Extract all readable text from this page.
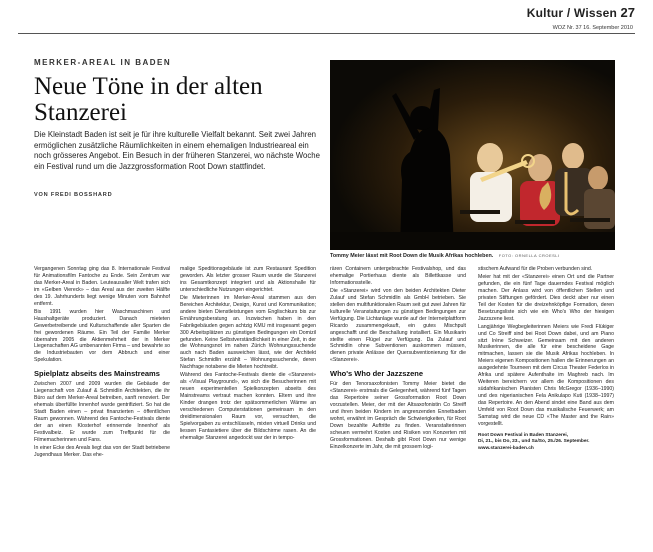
Kultur / Wissen 27
WOZ Nr. 37 16. September 2010
MERKER-AREAL IN BADEN
Neue Töne in der alten Stanzerei

Die Kleinstadt Baden ist seit je für ihre kulturelle Vielfalt bekannt. Seit zwei Jahren ermöglichen zusätzliche Räumlichkeiten in einem ehemaligen Industrieareal ein noch grösseres Angebot. Ein Besuch in der früheren Stanzerei, wo nächste Woche ein Festival rund um die Jazzgrossformation Root Down stattfindet.

VON FREDI BOSSHARD
Tommy Meier lässt mit Root Down die Musik Afrikas hochleben. FOTO: ORNELLA CROESLI

Vergangenen Sonntag ging das 8. Internationale Festival für Animationsfilm Fantoche zu Ende. Sein Zentrum war das Merker-Areal in Baden. Leuteausaller Welt trafen sich im «Gelben Viereck» – das Areal aus der zweiten Hälfte des 19. Jahrhunderts liegt wenige Minuten vom Bahnhof entfernt.

Bis 1991 wurden hier Waschmaschinen und Haushaltgeräte produziert. Danach mieteten Gewerbetreibende und Kulturschaffende aller Sparten die frei gewordenen Räume. Ein Teil der Familie Merker übernahm 2005 die Aktienmehrheit der in Merker Liegenschaften AG umbenannten Firma – und bewahrte so die Industriebauten vor dem Abbruch und einer Spekulation.

Spielplatz abseits des Mainstreams

Zwischen 2007 und 2009 wurden die Gebäude der Liegenschaft von Zulauf & Schmidlin Architekten, die ihr Büro auf dem Merker-Areal betreiben, sanft renoviert. Der ehemals überfüllte Innenhof wurde gentrifiziert. So hat die Stadt Baden einen – privat finanzierten – öffentlichen Raum gewonnen. Während des Fantoche-Festivals diente der an einen Klosterhof erinnernde Innenhof als Festivalbeiz. Er wurde zum Treffpunkt für die Filmemacherinnen und Fans.

In einer Ecke des Areals liegt das von der Stadt betriebene Jugendhaus Merker. Das ehe-

malige Speditionsgebäude ist zum Restaurant Spedition geworden. Als letzter grosser Raum wurde die Stanzerei ins Gesamtkonzept integriert und als Aktionshalle für unterschiedliche Nutzungen eingerichtet.

Die Mieterinnen im Merker-Areal stammen aus den Bereichen Architektur, Design, Kunst und Kommunikation; andere bieten Dienstleistungen vom Englischkurs bis zur Ernährungsberatung an. Inzwischen haben in den Fabrikgebäuden gegen achtzig KMU mit insgesamt gegen 300 Arbeitsplätzen zu günstigen Bedingungen ein Domizil gefunden. Keine Selbstverständlichkeit in einer Zeit, in der die Wohnungsnot im nahen Zürich Wohnungssuchende auch nach Baden ausweichen lässt, wie der Architekt Stefan Schmidlin erzählt – Wohnungssuchende, deren Nachfrage notabene die Mieten hochtreibt.

Während des Fantoche-Festivals diente die «Stanzerei» als «Visual Playground», wo sich die Besucherinnen mit neuen experimentellen Spielkonzepten abseits des Mainstreams vertraut machen konnten. Eltern und ihre Kinder drangen trotz der spätsommerlichen Wärme an verschiedenen Computerstationen gemeinsam in den dreidimensionalen Raum vor, versuchten, die Spielvorgaben zu entschlüsseln, mixten virtuell Drinks und liessen Fantasietiere über die Bildschirme rasen. An die ehemalige Stanzerei angedockt war der in tempo-

rären Containern untergebrachte Festivalshop, und das ehemalige Portierhaus diente als Billettkasse und Informationsstelle.

Die «Stanzerei» wird von den beiden Architekten Dieter Zulauf und Stefan Schmidlin als GmbH betrieben. Sie stellen den multifunktionalen Raum seit gut zwei Jahren für kulturelle Veranstaltungen zu günstigen Bedingungen zur Verfügung. Die Lichtanlage wurde auf der Internetplattform Ricardo zusammengekauft, ein gutes Mischpult angeschafft und die Beschallung installiert. Ein Musikarin stellte einen Flügel zur Verfügung. Da Zulauf und Schmidlin ohne Subventionen auskommen müssen, dienen private Anlässe der Quersubventionierung für die «Stanzerei».

Who's Who der Jazzszene

Für den Tenorsaxofonisten Tommy Meier bietet die «Stanzerei» erstmals die Gelegenheit, während fünf Tagen das Repertoire seiner Grossformation Root Down vorzustellen. Meier, der mit der Altsaxofonistin Co Streiff und ihren beiden Kindern im angrenzenden Ennetbaden wohnt, erwähnt im Gespräch die Schwierigkeiten, für Root Down bezahlte Auftritte zu finden. Veranstalterinnen scheuen vermehrt Kosten und Risiken von Konzerten mit Grossformationen. Deshalb gibt Root Down nur wenige Einzelkonzerte im Jahr, die mit grossem logi-

stischem Aufwand für die Proben verbunden sind.

Meier hat mit der «Stanzerei» einen Ort und die Partner gefunden, die ein fünf Tage dauerndes Festival möglich machen. Der Anlass wird von öffentlichen Stellen und privaten Stiftungen gefördert. Dies deckt aber nur einen Teil der Kosten für die dreizehnköpfige Formation, deren Besetzungsliste sich wie ein Who's Who der hiesigen Jazzszene liest.

Langjährige Wegbegleiterinnen Meiers wie Fredi Flükiger und Co Streiff sind bei Root Down dabei, und am Piano sitzt Irène Schweizer. Gemeinsam mit den anderen Musikerinnen, die alle für eine bescheidene Gage mitmachen, lassen sie die Musik Afrikas hochleben. In Meiers eigenen Kompositionen hallen die Erinnerungen an ausgedehnte Tourneen mit dem Circus Theater Federlos in Afrika und spätere Aufenthalte im Maghreb nach. Im Weiteren bereichern vor allem die Kompositionen des südafrikanischen Pianisten Chris McGregor (1936–1990) und des nigerianischen Fela Anikulapo Kuti (1938–1997) das Repertoire. An den Abend sindet eine Band aus dem Umfeld von Root Down das musikalische Feuerwerk; am Samstag wird die neue CD «The Master and the Rain» vorgestellt.

Root Down Festival in Baden Stanzerei,
Di, 21., bis Do, 23., und Sa/So, 25./26. September.
www.stanzerei-baden.ch
